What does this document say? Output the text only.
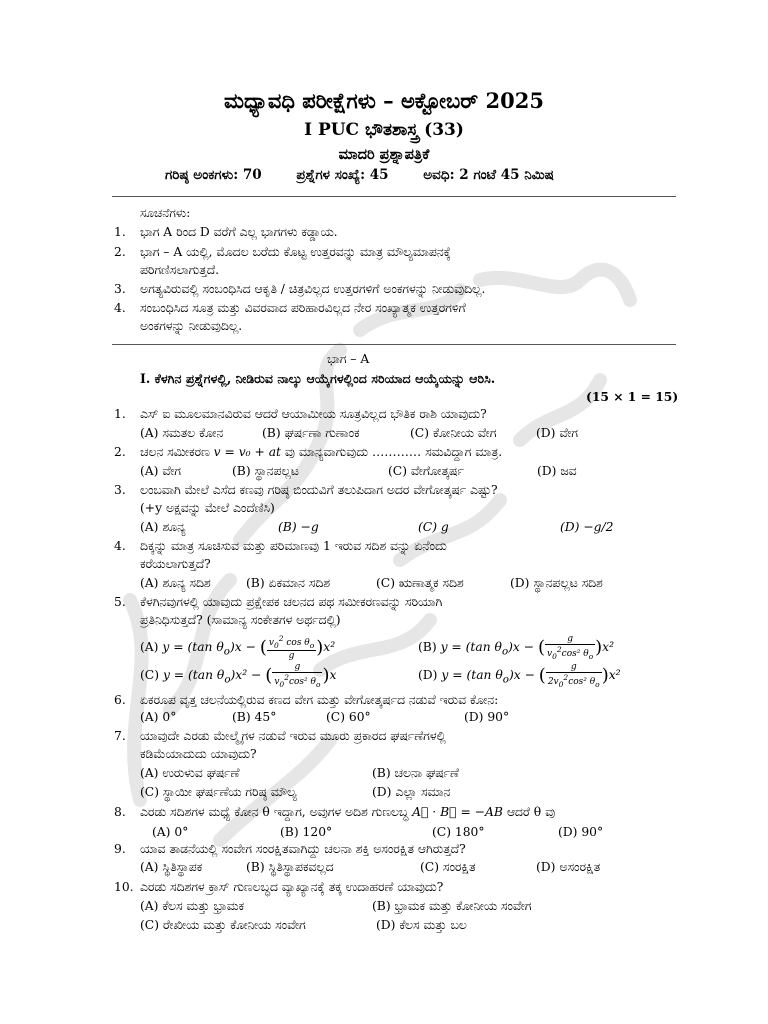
ಮಧ್ಯಾವಧಿ ಪರೀಕ್ಷೆಗಳು – ಅಕ್ಟೋಬರ್ 2025
I PUC ಭೌತಶಾಸ್ತ್ರ (33)
ಮಾದರಿ ಪ್ರಶ್ನಾಪತ್ರಿಕೆ
ಗರಿಷ್ಠ ಅಂಕಗಳು: 70	ಪ್ರಶ್ನೆಗಳ ಸಂಖ್ಯೆ: 45	ಅವಧಿ: 2 ಗಂಟೆ 45 ನಿಮಿಷ
ಸೂಚನೆಗಳು:
1. ಭಾಗ A ರಿಂದ D ವರೆಗೆ ಎಲ್ಲ ಭಾಗಗಳು ಕಡ್ಡಾಯ.
2. ಭಾಗ – A ಯಲ್ಲಿ, ಮೊದಲ ಬರೆದು ಕೊಟ್ಟ ಉತ್ತರವನ್ನು ಮಾತ್ರ ಮೌಲ್ಯಮಾಪನಕ್ಕೆ
ಪರಿಗಣಿಸಲಾಗುತ್ತದೆ.
3. ಅಗತ್ಯವಿರುವಲ್ಲಿ ಸಂಬಂಧಿಸಿದ ಆಕೃತಿ / ಚಿತ್ರವಿಲ್ಲದ ಉತ್ತರಗಳಿಗೆ ಅಂಕಗಳನ್ನು ನೀಡುವುದಿಲ್ಲ.
4. ಸಂಬಂಧಿಸಿದ ಸೂತ್ರ ಮತ್ತು ವಿವರವಾದ ಪರಿಹಾರವಿಲ್ಲದ ನೇರ ಸಂಖ್ಯಾತ್ಮಕ ಉತ್ತರಗಳಿಗೆ
ಅಂಕಗಳನ್ನು ನೀಡುವುದಿಲ್ಲ.
ಭಾಗ – A
I. ಕೆಳಗಿನ ಪ್ರಶ್ನೆಗಳಲ್ಲಿ, ನೀಡಿರುವ ನಾಲ್ಕು ಆಯ್ಕೆಗಳಲ್ಲಿಂದ ಸರಿಯಾದ ಆಯ್ಕೆಯನ್ನು ಆರಿಸಿ.
(15 × 1 = 15)
1. ಎಸ್ ಐ ಮೂಲಮಾನವಿರುವ ಆದರೆ ಆಯಾಮೀಯ ಸೂತ್ರವಿಲ್ಲದ ಭೌತಿಕ ರಾಶಿ ಯಾವುದು?
(A) ಸಮತಲ ಕೋನ	(B) ಘರ್ಷಣಾ ಗುಣಾಂಕ	(C) ಕೋನೀಯ ವೇಗ	(D) ವೇಗ
2. ಚಲನ ಸಮೀಕರಣ v = v₀ + at ವು ಮಾನ್ಯವಾಗುವುದು ………… ಸಮವಿದ್ದಾಗ ಮಾತ್ರ.
(A) ವೇಗ	(B) ಸ್ಥಾನಪಲ್ಲಟ	(C) ವೇಗೋತ್ಕರ್ಷ	(D) ಜವ
3. ಲಂಬವಾಗಿ ಮೇಲೆ ಎಸೆದ ಕಣವು ಗರಿಷ್ಠ ಬಿಂದುವಿಗೆ ತಲುಪಿದಾಗ ಅದರ ವೇಗೋತ್ಕರ್ಷ ಎಷ್ಟು?
(+y ಅಕ್ಷವನ್ನು ಮೇಲೆ ಎಂದೆಣಿಸಿ)
(A) ಶೂನ್ಯ	(B) −g	(C) g	(D) −g/2
4. ದಿಕ್ಕನ್ನು ಮಾತ್ರ ಸೂಚಿಸುವ ಮತ್ತು ಪರಿಮಾಣವು 1 ಇರುವ ಸದಿಶ ವನ್ನು ಏನೆಂದು
ಕರೆಯಲಾಗುತ್ತದೆ?
(A) ಶೂನ್ಯ ಸದಿಶ	(B) ಏಕಮಾನ ಸದಿಶ	(C) ಋಣಾತ್ಮಕ ಸದಿಶ	(D) ಸ್ಥಾನಪಲ್ಲಟ ಸದಿಶ
5. ಕೆಳಗಿನವುಗಳಲ್ಲಿ ಯಾವುದು ಪ್ರಕ್ಷೇಪಕ ಚಲನದ ಪಥ ಸಮೀಕರಣವನ್ನು ಸರಿಯಾಗಿ
ಪ್ರತಿನಿಧಿಸುತ್ತದೆ? (ಸಾಮಾನ್ಯ ಸಂಕೇತಗಳ ಅರ್ಥದಲ್ಲಿ)
(A) y = (tan $\theta_o)x$ − ( $\frac{v_0^2 \cos \theta_o}{g} )x^2$	(B) y = (tan $\theta_o)x$ − ( $\frac{g}{v_0^2\cos^2 \theta_o} )x^2$
(C) y = (tan $\theta_o)x^2$ − ( $\frac{g}{v_0^2\cos^2 \theta_o} )x$	(D) y = (tan $\theta_o)x$ − ( $\frac{g}{2v_0^2\cos^2 \theta_o} )x^2$
6. ಏಕರೂಪ ವೃತ್ತ ಚಲನೆಯಲ್ಲಿರುವ ಕಣದ ವೇಗ ಮತ್ತು ವೇಗೋತ್ಕರ್ಷದ ನಡುವೆ ಇರುವ ಕೋನ:
(A) 0°	(B) 45°	(C) 60°	(D) 90°
7. ಯಾವುದೇ ಎರಡು ಮೇಲ್ಮೈಗಳ ನಡುವೆ ಇರುವ ಮೂರು ಪ್ರಕಾರದ ಘರ್ಷಣೆಗಳಲ್ಲಿ
ಕಡಿಮೆಯಾದುದು ಯಾವುದು?
(A) ಉರುಳುವ ಘರ್ಷಣೆ	(B) ಚಲನಾ ಘರ್ಷಣೆ
(C) ಸ್ಥಾಯೀ ಘರ್ಷಣೆಯ ಗರಿಷ್ಠ ಮೌಲ್ಯ	(D) ಎಲ್ಲಾ ಸಮಾನ
8. ಎರಡು ಸದಿಶಗಳ ಮಧ್ಯೆ ಕೋನ θ ಇದ್ದಾಗ, ಅವುಗಳ ಅದಿಶ ಗುಣಲಬ್ಧ A⃗ · B⃗ = −AB ಆದರೆ θ ವು
(A) 0°	(B) 120°	(C) 180°	(D) 90°
9. ಯಾವ ತಾಡನೆಯಲ್ಲಿ ಸಂವೇಗ ಸಂರಕ್ಷಿತವಾಗಿದ್ದು ಚಲನಾ ಶಕ್ತಿ ಅಸಂರಕ್ಷಿತ ಆಗಿರುತ್ತದೆ?
(A) ಸ್ಥಿತಿಸ್ಥಾಪಕ	(B) ಸ್ಥಿತಿಸ್ಥಾಪಕವಲ್ಲದ	(C) ಸಂರಕ್ಷಿತ	(D) ಅಸಂರಕ್ಷಿತ
10. ಎರಡು ಸದಿಶಗಳ ಕ್ರಾಸ್ ಗುಣಲಬ್ಧದ ವ್ಯಾಖ್ಯಾನಕ್ಕೆ ತಕ್ಕ ಉದಾಹರಣೆ ಯಾವುದು?
(A) ಕೆಲಸ ಮತ್ತು ಭ್ರಾಮಕ	(B) ಭ್ರಾಮಕ ಮತ್ತು ಕೋನೀಯ ಸಂವೇಗ
(C) ರೇಖೀಯ ಮತ್ತು ಕೋನೀಯ ಸಂವೇಗ	(D) ಕೆಲಸ ಮತ್ತು ಬಲ
